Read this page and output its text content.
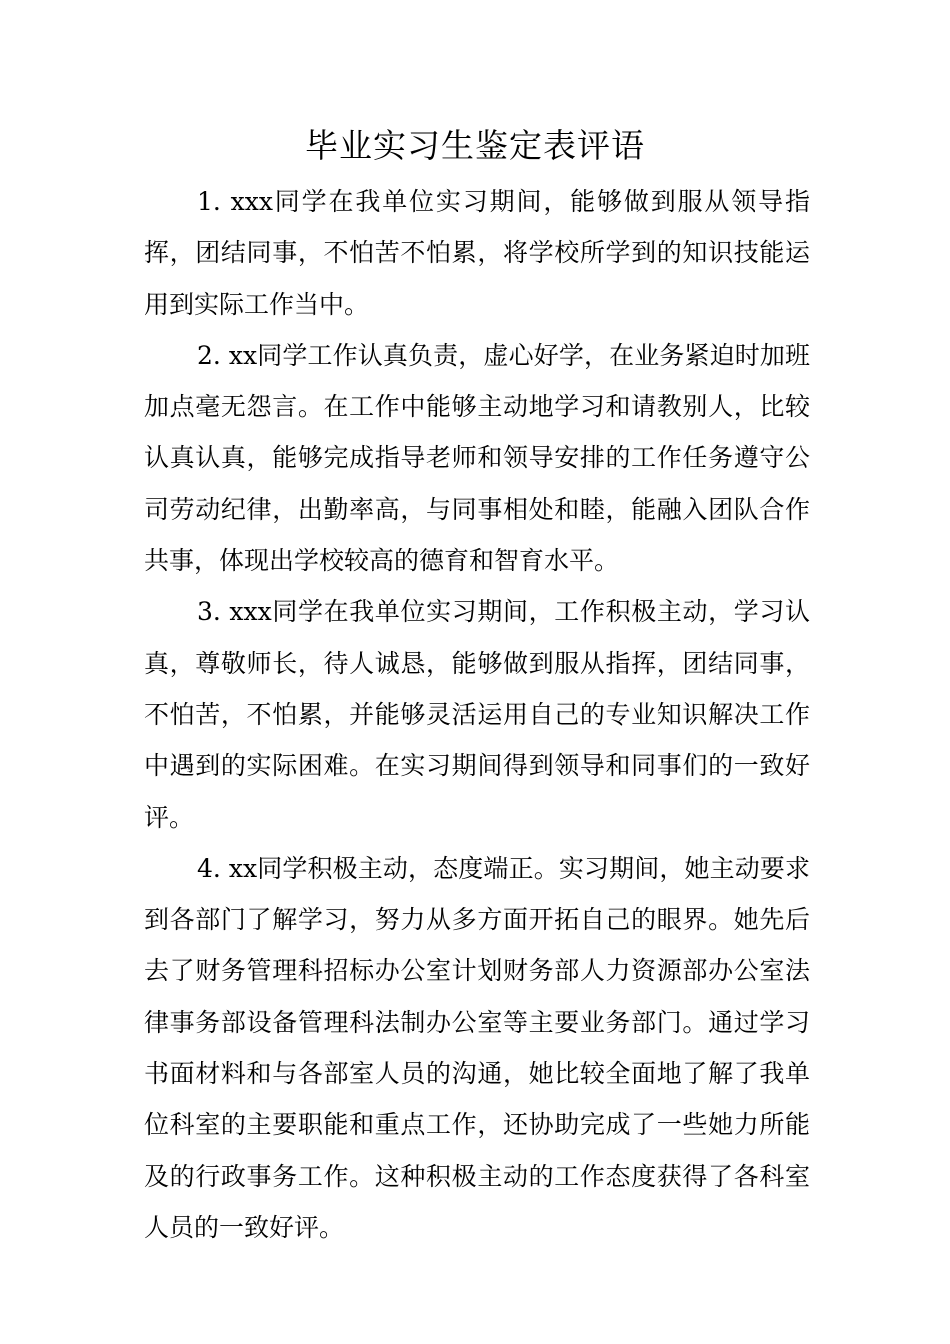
毕业实习生鉴定表评语

1. xxx同学在我单位实习期间，能够做到服从领导指挥，团结同事，不怕苦不怕累，将学校所学到的知识技能运用到实际工作当中。

2. xx同学工作认真负责，虚心好学，在业务紧迫时加班加点毫无怨言。在工作中能够主动地学习和请教别人，比较认真认真，能够完成指导老师和领导安排的工作任务遵守公司劳动纪律，出勤率高，与同事相处和睦，能融入团队合作共事，体现出学校较高的德育和智育水平。

3. xxx同学在我单位实习期间，工作积极主动，学习认真，尊敬师长，待人诚恳，能够做到服从指挥，团结同事，不怕苦，不怕累，并能够灵活运用自己的专业知识解决工作中遇到的实际困难。在实习期间得到领导和同事们的一致好评。

4. xx同学积极主动，态度端正。实习期间，她主动要求到各部门了解学习，努力从多方面开拓自己的眼界。她先后去了财务管理科招标办公室计划财务部人力资源部办公室法律事务部设备管理科法制办公室等主要业务部门。通过学习书面材料和与各部室人员的沟通，她比较全面地了解了我单位科室的主要职能和重点工作，还协助完成了一些她力所能及的行政事务工作。这种积极主动的工作态度获得了各科室人员的一致好评。
